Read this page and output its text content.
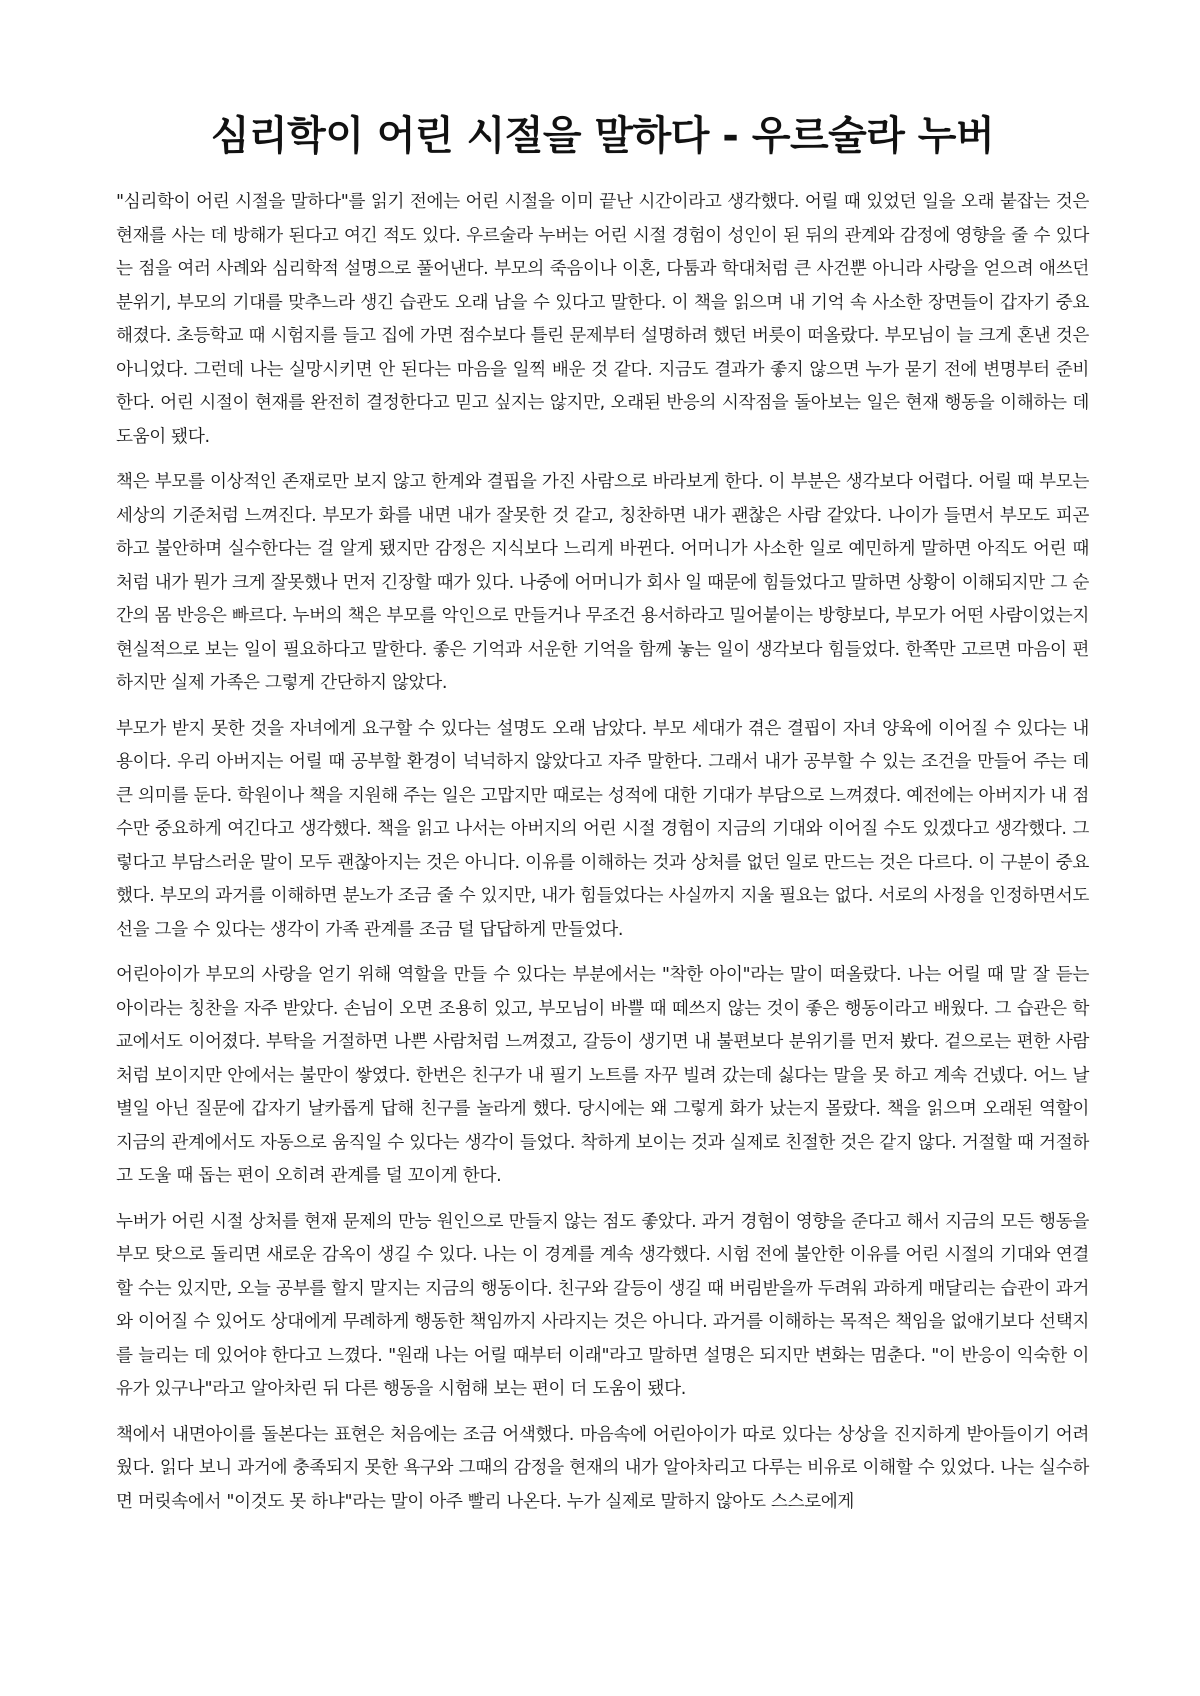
심리학이 어린 시절을 말하다 - 우르술라 누버

"심리학이 어린 시절을 말하다"를 읽기 전에는 어린 시절을 이미 끝난 시간이라고 생각했다. 어릴 때 있었던 일을 오래 붙잡는 것은 현재를 사는 데 방해가 된다고 여긴 적도 있다. 우르술라 누버는 어린 시절 경험이 성인이 된 뒤의 관계와 감정에 영향을 줄 수 있다는 점을 여러 사례와 심리학적 설명으로 풀어낸다. 부모의 죽음이나 이혼, 다툼과 학대처럼 큰 사건뿐 아니라 사랑을 얻으려 애쓰던 분위기, 부모의 기대를 맞추느라 생긴 습관도 오래 남을 수 있다고 말한다. 이 책을 읽으며 내 기억 속 사소한 장면들이 갑자기 중요해졌다. 초등학교 때 시험지를 들고 집에 가면 점수보다 틀린 문제부터 설명하려 했던 버릇이 떠올랐다. 부모님이 늘 크게 혼낸 것은 아니었다. 그런데 나는 실망시키면 안 된다는 마음을 일찍 배운 것 같다. 지금도 결과가 좋지 않으면 누가 묻기 전에 변명부터 준비한다. 어린 시절이 현재를 완전히 결정한다고 믿고 싶지는 않지만, 오래된 반응의 시작점을 돌아보는 일은 현재 행동을 이해하는 데 도움이 됐다.

책은 부모를 이상적인 존재로만 보지 않고 한계와 결핍을 가진 사람으로 바라보게 한다. 이 부분은 생각보다 어렵다. 어릴 때 부모는 세상의 기준처럼 느껴진다. 부모가 화를 내면 내가 잘못한 것 같고, 칭찬하면 내가 괜찮은 사람 같았다. 나이가 들면서 부모도 피곤하고 불안하며 실수한다는 걸 알게 됐지만 감정은 지식보다 느리게 바뀐다. 어머니가 사소한 일로 예민하게 말하면 아직도 어린 때처럼 내가 뭔가 크게 잘못했나 먼저 긴장할 때가 있다. 나중에 어머니가 회사 일 때문에 힘들었다고 말하면 상황이 이해되지만 그 순간의 몸 반응은 빠르다. 누버의 책은 부모를 악인으로 만들거나 무조건 용서하라고 밀어붙이는 방향보다, 부모가 어떤 사람이었는지 현실적으로 보는 일이 필요하다고 말한다. 좋은 기억과 서운한 기억을 함께 놓는 일이 생각보다 힘들었다. 한쪽만 고르면 마음이 편하지만 실제 가족은 그렇게 간단하지 않았다.

부모가 받지 못한 것을 자녀에게 요구할 수 있다는 설명도 오래 남았다. 부모 세대가 겪은 결핍이 자녀 양육에 이어질 수 있다는 내용이다. 우리 아버지는 어릴 때 공부할 환경이 넉넉하지 않았다고 자주 말한다. 그래서 내가 공부할 수 있는 조건을 만들어 주는 데 큰 의미를 둔다. 학원이나 책을 지원해 주는 일은 고맙지만 때로는 성적에 대한 기대가 부담으로 느껴졌다. 예전에는 아버지가 내 점수만 중요하게 여긴다고 생각했다. 책을 읽고 나서는 아버지의 어린 시절 경험이 지금의 기대와 이어질 수도 있겠다고 생각했다. 그렇다고 부담스러운 말이 모두 괜찮아지는 것은 아니다. 이유를 이해하는 것과 상처를 없던 일로 만드는 것은 다르다. 이 구분이 중요했다. 부모의 과거를 이해하면 분노가 조금 줄 수 있지만, 내가 힘들었다는 사실까지 지울 필요는 없다. 서로의 사정을 인정하면서도 선을 그을 수 있다는 생각이 가족 관계를 조금 덜 답답하게 만들었다.

어린아이가 부모의 사랑을 얻기 위해 역할을 만들 수 있다는 부분에서는 "착한 아이"라는 말이 떠올랐다. 나는 어릴 때 말 잘 듣는 아이라는 칭찬을 자주 받았다. 손님이 오면 조용히 있고, 부모님이 바쁠 때 떼쓰지 않는 것이 좋은 행동이라고 배웠다. 그 습관은 학교에서도 이어졌다. 부탁을 거절하면 나쁜 사람처럼 느껴졌고, 갈등이 생기면 내 불편보다 분위기를 먼저 봤다. 겉으로는 편한 사람처럼 보이지만 안에서는 불만이 쌓였다. 한번은 친구가 내 필기 노트를 자꾸 빌려 갔는데 싫다는 말을 못 하고 계속 건넸다. 어느 날 별일 아닌 질문에 갑자기 날카롭게 답해 친구를 놀라게 했다. 당시에는 왜 그렇게 화가 났는지 몰랐다. 책을 읽으며 오래된 역할이 지금의 관계에서도 자동으로 움직일 수 있다는 생각이 들었다. 착하게 보이는 것과 실제로 친절한 것은 같지 않다. 거절할 때 거절하고 도울 때 돕는 편이 오히려 관계를 덜 꼬이게 한다.

누버가 어린 시절 상처를 현재 문제의 만능 원인으로 만들지 않는 점도 좋았다. 과거 경험이 영향을 준다고 해서 지금의 모든 행동을 부모 탓으로 돌리면 새로운 감옥이 생길 수 있다. 나는 이 경계를 계속 생각했다. 시험 전에 불안한 이유를 어린 시절의 기대와 연결할 수는 있지만, 오늘 공부를 할지 말지는 지금의 행동이다. 친구와 갈등이 생길 때 버림받을까 두려워 과하게 매달리는 습관이 과거와 이어질 수 있어도 상대에게 무례하게 행동한 책임까지 사라지는 것은 아니다. 과거를 이해하는 목적은 책임을 없애기보다 선택지를 늘리는 데 있어야 한다고 느꼈다. "원래 나는 어릴 때부터 이래"라고 말하면 설명은 되지만 변화는 멈춘다. "이 반응이 익숙한 이유가 있구나"라고 알아차린 뒤 다른 행동을 시험해 보는 편이 더 도움이 됐다.

책에서 내면아이를 돌본다는 표현은 처음에는 조금 어색했다. 마음속에 어린아이가 따로 있다는 상상을 진지하게 받아들이기 어려웠다. 읽다 보니 과거에 충족되지 못한 욕구와 그때의 감정을 현재의 내가 알아차리고 다루는 비유로 이해할 수 있었다. 나는 실수하면 머릿속에서 "이것도 못 하냐"라는 말이 아주 빨리 나온다. 누가 실제로 말하지 않아도 스스로에게
